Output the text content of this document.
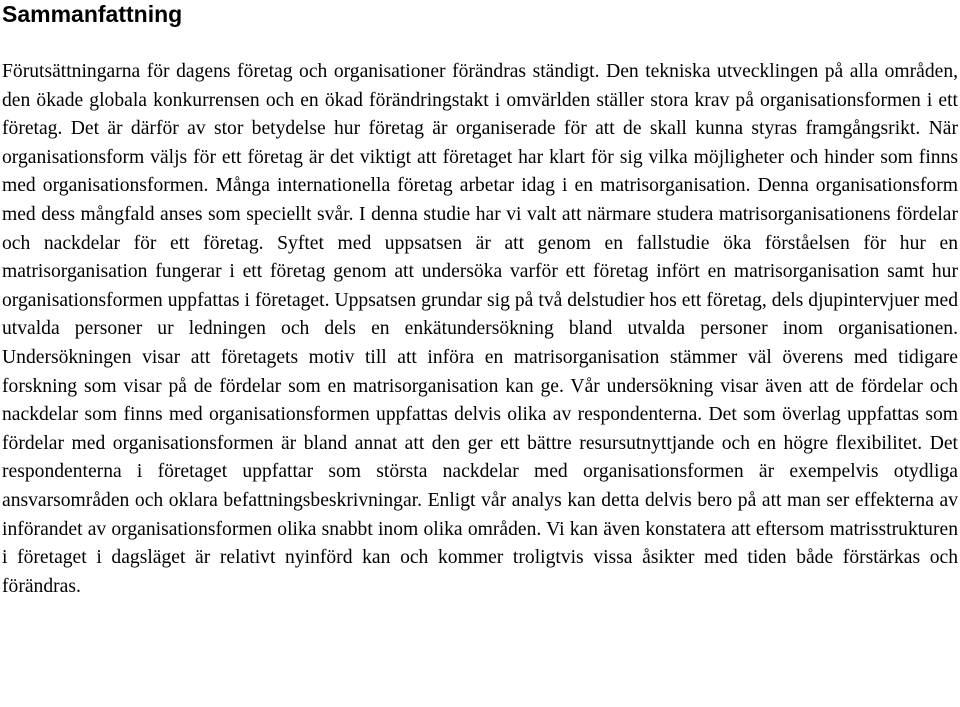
Sammanfattning

Förutsättningarna för dagens företag och organisationer förändras ständigt. Den tekniska utvecklingen på alla områden, den ökade globala konkurrensen och en ökad förändringstakt i omvärlden ställer stora krav på organisationsformen i ett företag. Det är därför av stor betydelse hur företag är organiserade för att de skall kunna styras framgångsrikt. När organisationsform väljs för ett företag är det viktigt att företaget har klart för sig vilka möjligheter och hinder som finns med organisationsformen. Många internationella företag arbetar idag i en matrisorganisation. Denna organisationsform med dess mångfald anses som speciellt svår. I denna studie har vi valt att närmare studera matrisorganisationens fördelar och nackdelar för ett företag. Syftet med uppsatsen är att genom en fallstudie öka förståelsen för hur en matrisorganisation fungerar i ett företag genom att undersöka varför ett företag infört en matrisorganisation samt hur organisationsformen uppfattas i företaget. Uppsatsen grundar sig på två delstudier hos ett företag, dels djupintervjuer med utvalda personer ur ledningen och dels en enkätundersökning bland utvalda personer inom organisationen. Undersökningen visar att företagets motiv till att införa en matrisorganisation stämmer väl överens med tidigare forskning som visar på de fördelar som en matrisorganisation kan ge. Vår undersökning visar även att de fördelar och nackdelar som finns med organisationsformen uppfattas delvis olika av respondenterna. Det som överlag uppfattas som fördelar med organisationsformen är bland annat att den ger ett bättre resursutnyttjande och en högre flexibilitet. Det respondenterna i företaget uppfattar som största nackdelar med organisationsformen är exempelvis otydliga ansvarsområden och oklara befattningsbeskrivningar. Enligt vår analys kan detta delvis bero på att man ser effekterna av införandet av organisationsformen olika snabbt inom olika områden. Vi kan även konstatera att eftersom matrisstrukturen i företaget i dagsläget är relativt nyinförd kan och kommer troligtvis vissa åsikter med tiden både förstärkas och förändras.
